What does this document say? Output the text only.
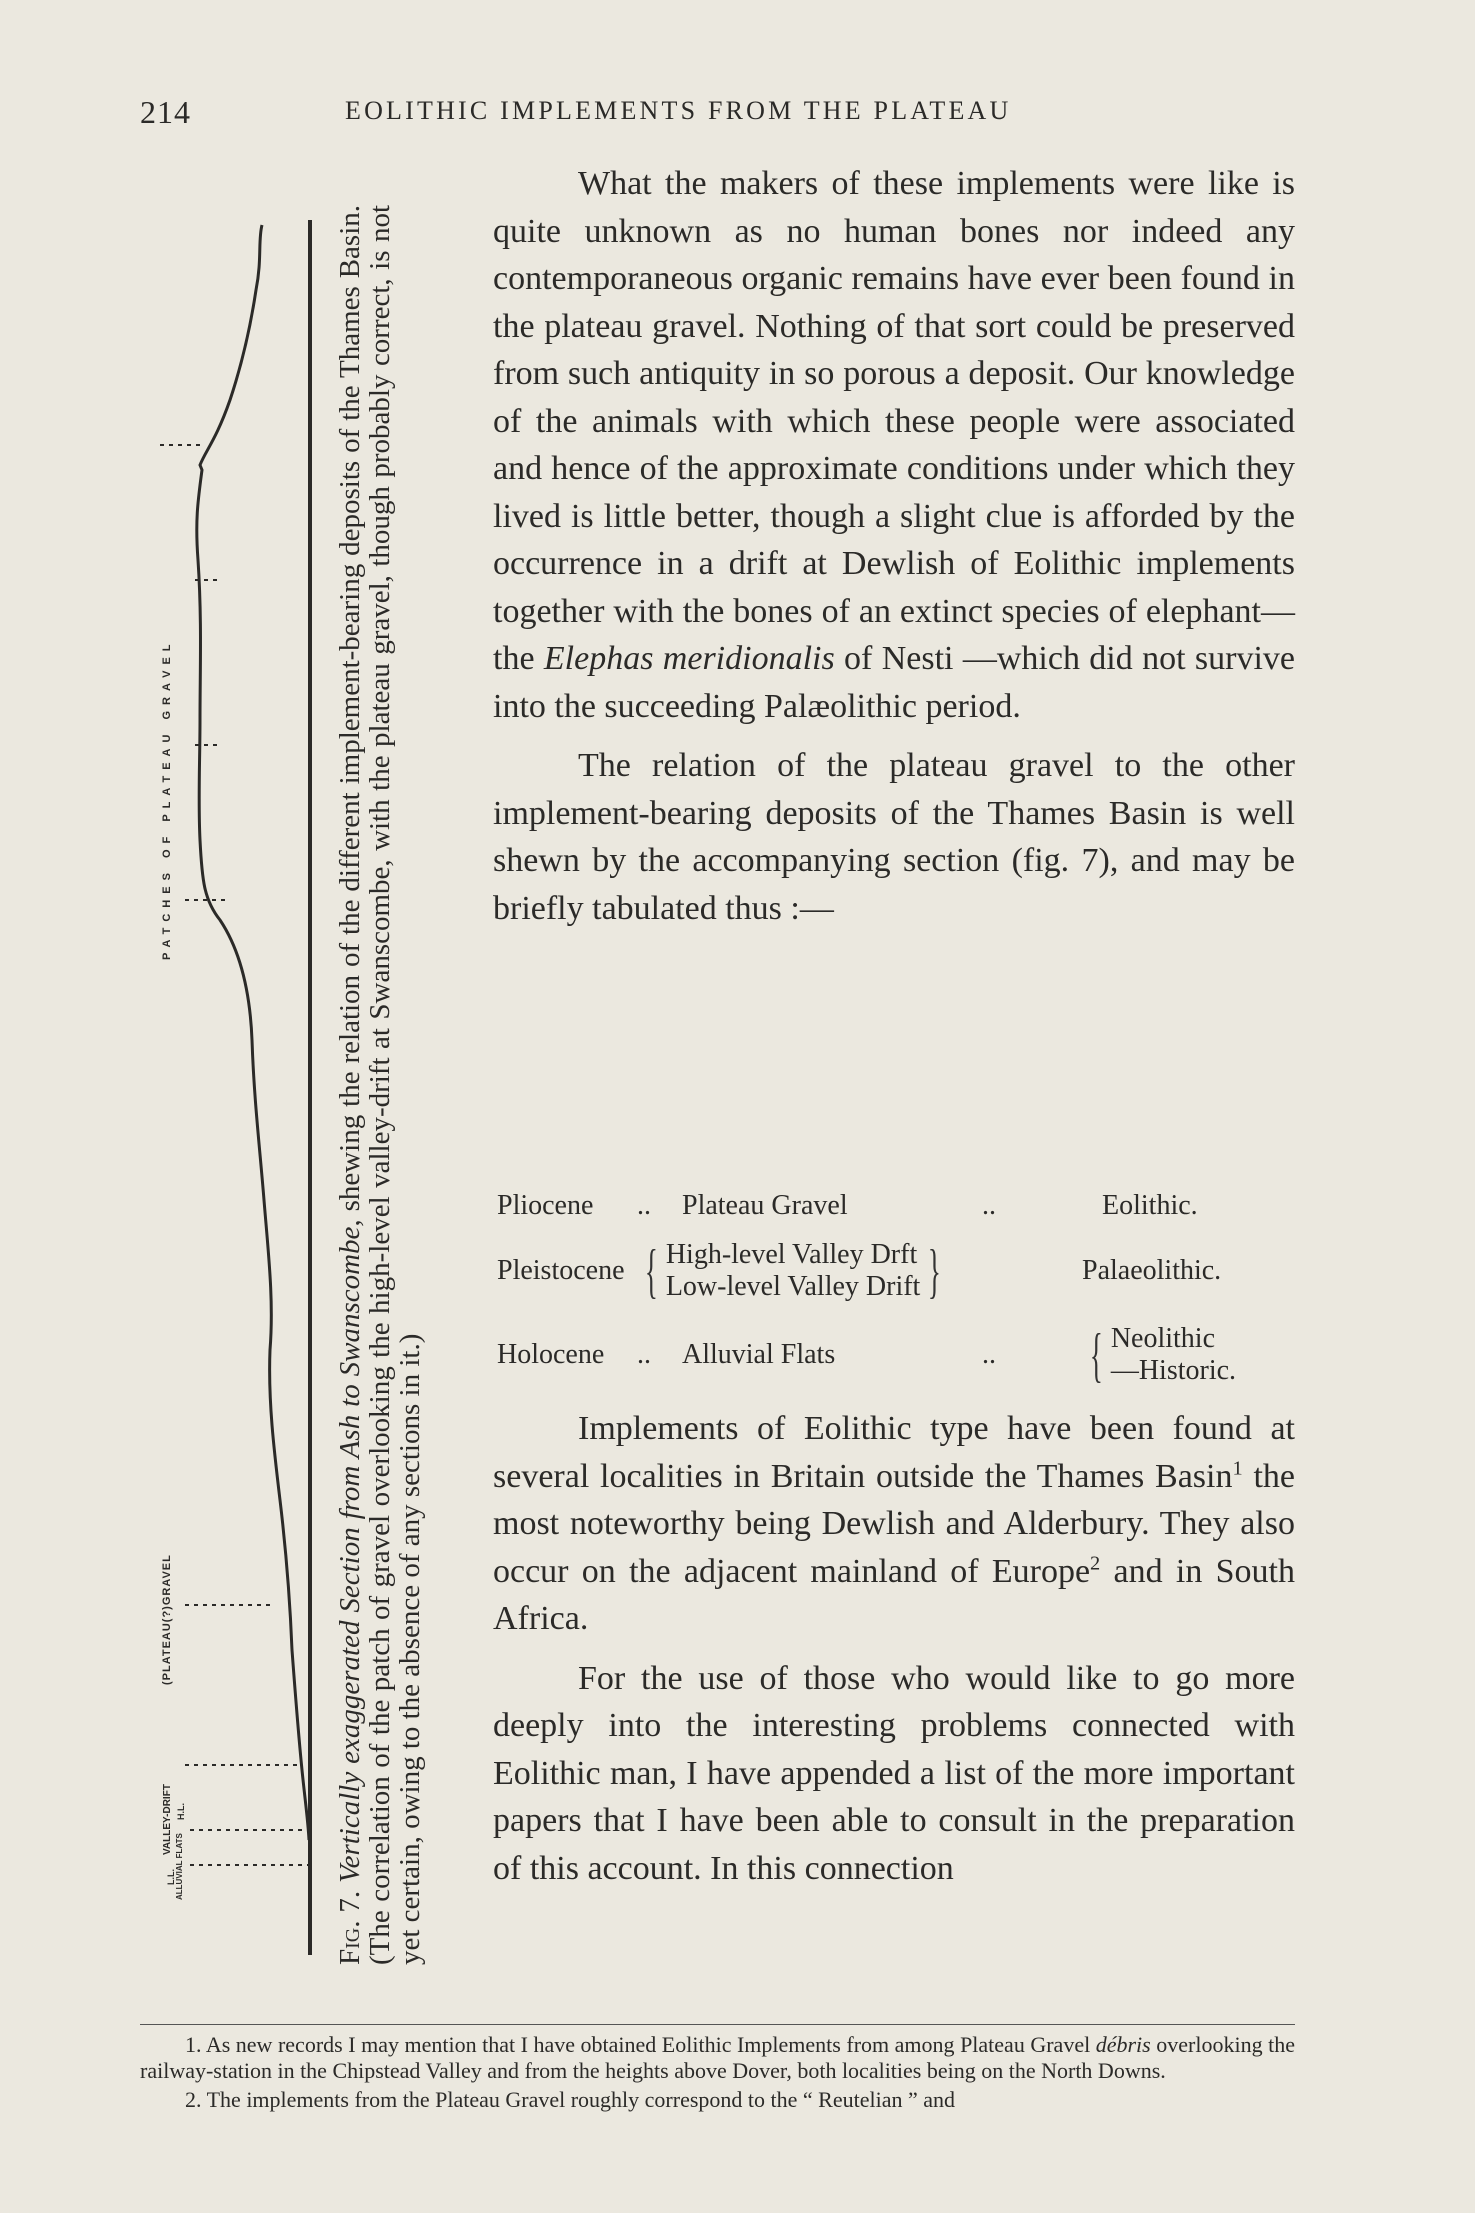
214	EOLITHIC IMPLEMENTS FROM THE PLATEAU
PATCHES OF PLATEAU GRAVEL
(PLATEAU(?)GRAVEL
VALLEY-DRIFT H.L.
L.L. ALLUVIAL FLATS

Fig. 7. Vertically exaggerated Section from Ash to Swanscombe, shewing the relation of the different implement-bearing deposits of the Thames Basin. (The correlation of the patch of gravel overlooking the high-level valley-drift at Swanscombe, with the plateau gravel, though probably correct, is not yet certain, owing to the absence of any sections in it.)

What the makers of these implements were like is quite unknown as no human bones nor indeed any contemporaneous organic remains have ever been found in the plateau gravel. Nothing of that sort could be preserved from such antiquity in so porous a deposit. Our knowledge of the animals with which these people were associated and hence of the approximate conditions under which they lived is little better, though a slight clue is afforded by the occurrence in a drift at Dewlish of Eolithic implements together with the bones of an extinct species of elephant—the Elephas meridionalis of Nesti —which did not survive into the succeeding Palæolithic period.

The relation of the plateau gravel to the other implement-bearing deposits of the Thames Basin is well shewn by the accompanying section (fig. 7), and may be briefly tabulated thus :—

Pliocene	..	Plateau Gravel	..	Eolithic.
Pleistocene	{ High-level Valley Drft
Low-level Valley Drift }			Palaeolithic.
Holocene	..	Alluvial Flats	..	{ Neolithic
—Historic.

Implements of Eolithic type have been found at several localities in Britain outside the Thames Basin$^1$ the most noteworthy being Dewlish and Alderbury. They also occur on the adjacent mainland of Europe$^2$ and in South Africa.

For the use of those who would like to go more deeply into the interesting problems connected with Eolithic man, I have appended a list of the more important papers that I have been able to consult in the preparation of this account. In this connection

1. As new records I may mention that I have obtained Eolithic Implements from among Plateau Gravel débris overlooking the railway-station in the Chipstead Valley and from the heights above Dover, both localities being on the North Downs.

2. The implements from the Plateau Gravel roughly correspond to the “ Reutelian ” and
